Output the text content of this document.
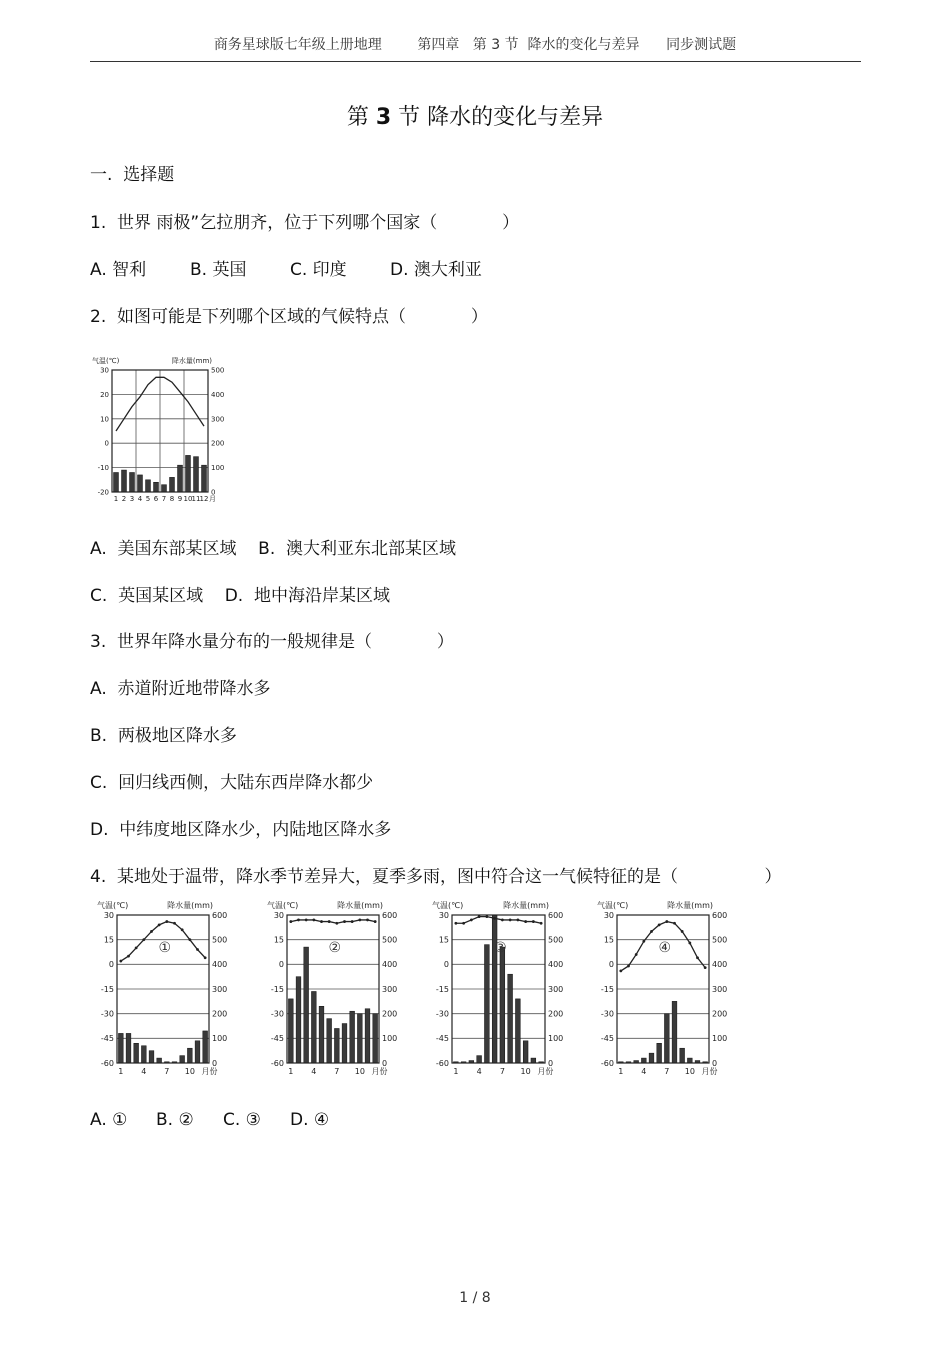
商务星球版七年级上册地理        第四章   第 3 节  降水的变化与差异      同步测试题
第 3 节 降水的变化与差异
一.  选择题
1.  世界 雨极”乞拉朋齐，位于下列哪个国家（            ）
A. 智利	B. 英国	C. 印度	D. 澳大利亚
2.  如图可能是下列哪个区域的气候特点（            ）
气温(℃)	降水量(mm)
30
20
10
0
-10
-20
500
400
300
200
100
0
1 2 3 4 5 6 7 8 9 10 11 12 月
A.  美国东部某区域    B.  澳大利亚东北部某区域
C.  英国某区域    D.  地中海沿岸某区域
3.  世界年降水量分布的一般规律是（            ）
A.  赤道附近地带降水多
B.  两极地区降水多
C.  回归线西侧，大陆东西岸降水都少
D.  中纬度地区降水少，内陆地区降水多
4.  某地处于温带，降水季节差异大，夏季多雨，图中符合这一气候特征的是（                ）
气温(℃)	降水量(mm)
30
15
0
-15
-30
-45
-60
600
500
400
300
200
100
0
1 4 7 10 月份
①
气温(℃)	降水量(mm)
30
15
0
-15
-30
-45
-60
600
500
400
300
200
100
0
1 4 7 10 月份
②
气温(℃)	降水量(mm)
30
15
0
-15
-30
-45
-60
600
500
400
300
200
100
0
1 4 7 10 月份
③
气温(℃)	降水量(mm)
30
15
0
-15
-30
-45
-60
600
500
400
300
200
100
0
1 4 7 10 月份
④
A. ① B. ② C. ③ D. ④
1 / 8
